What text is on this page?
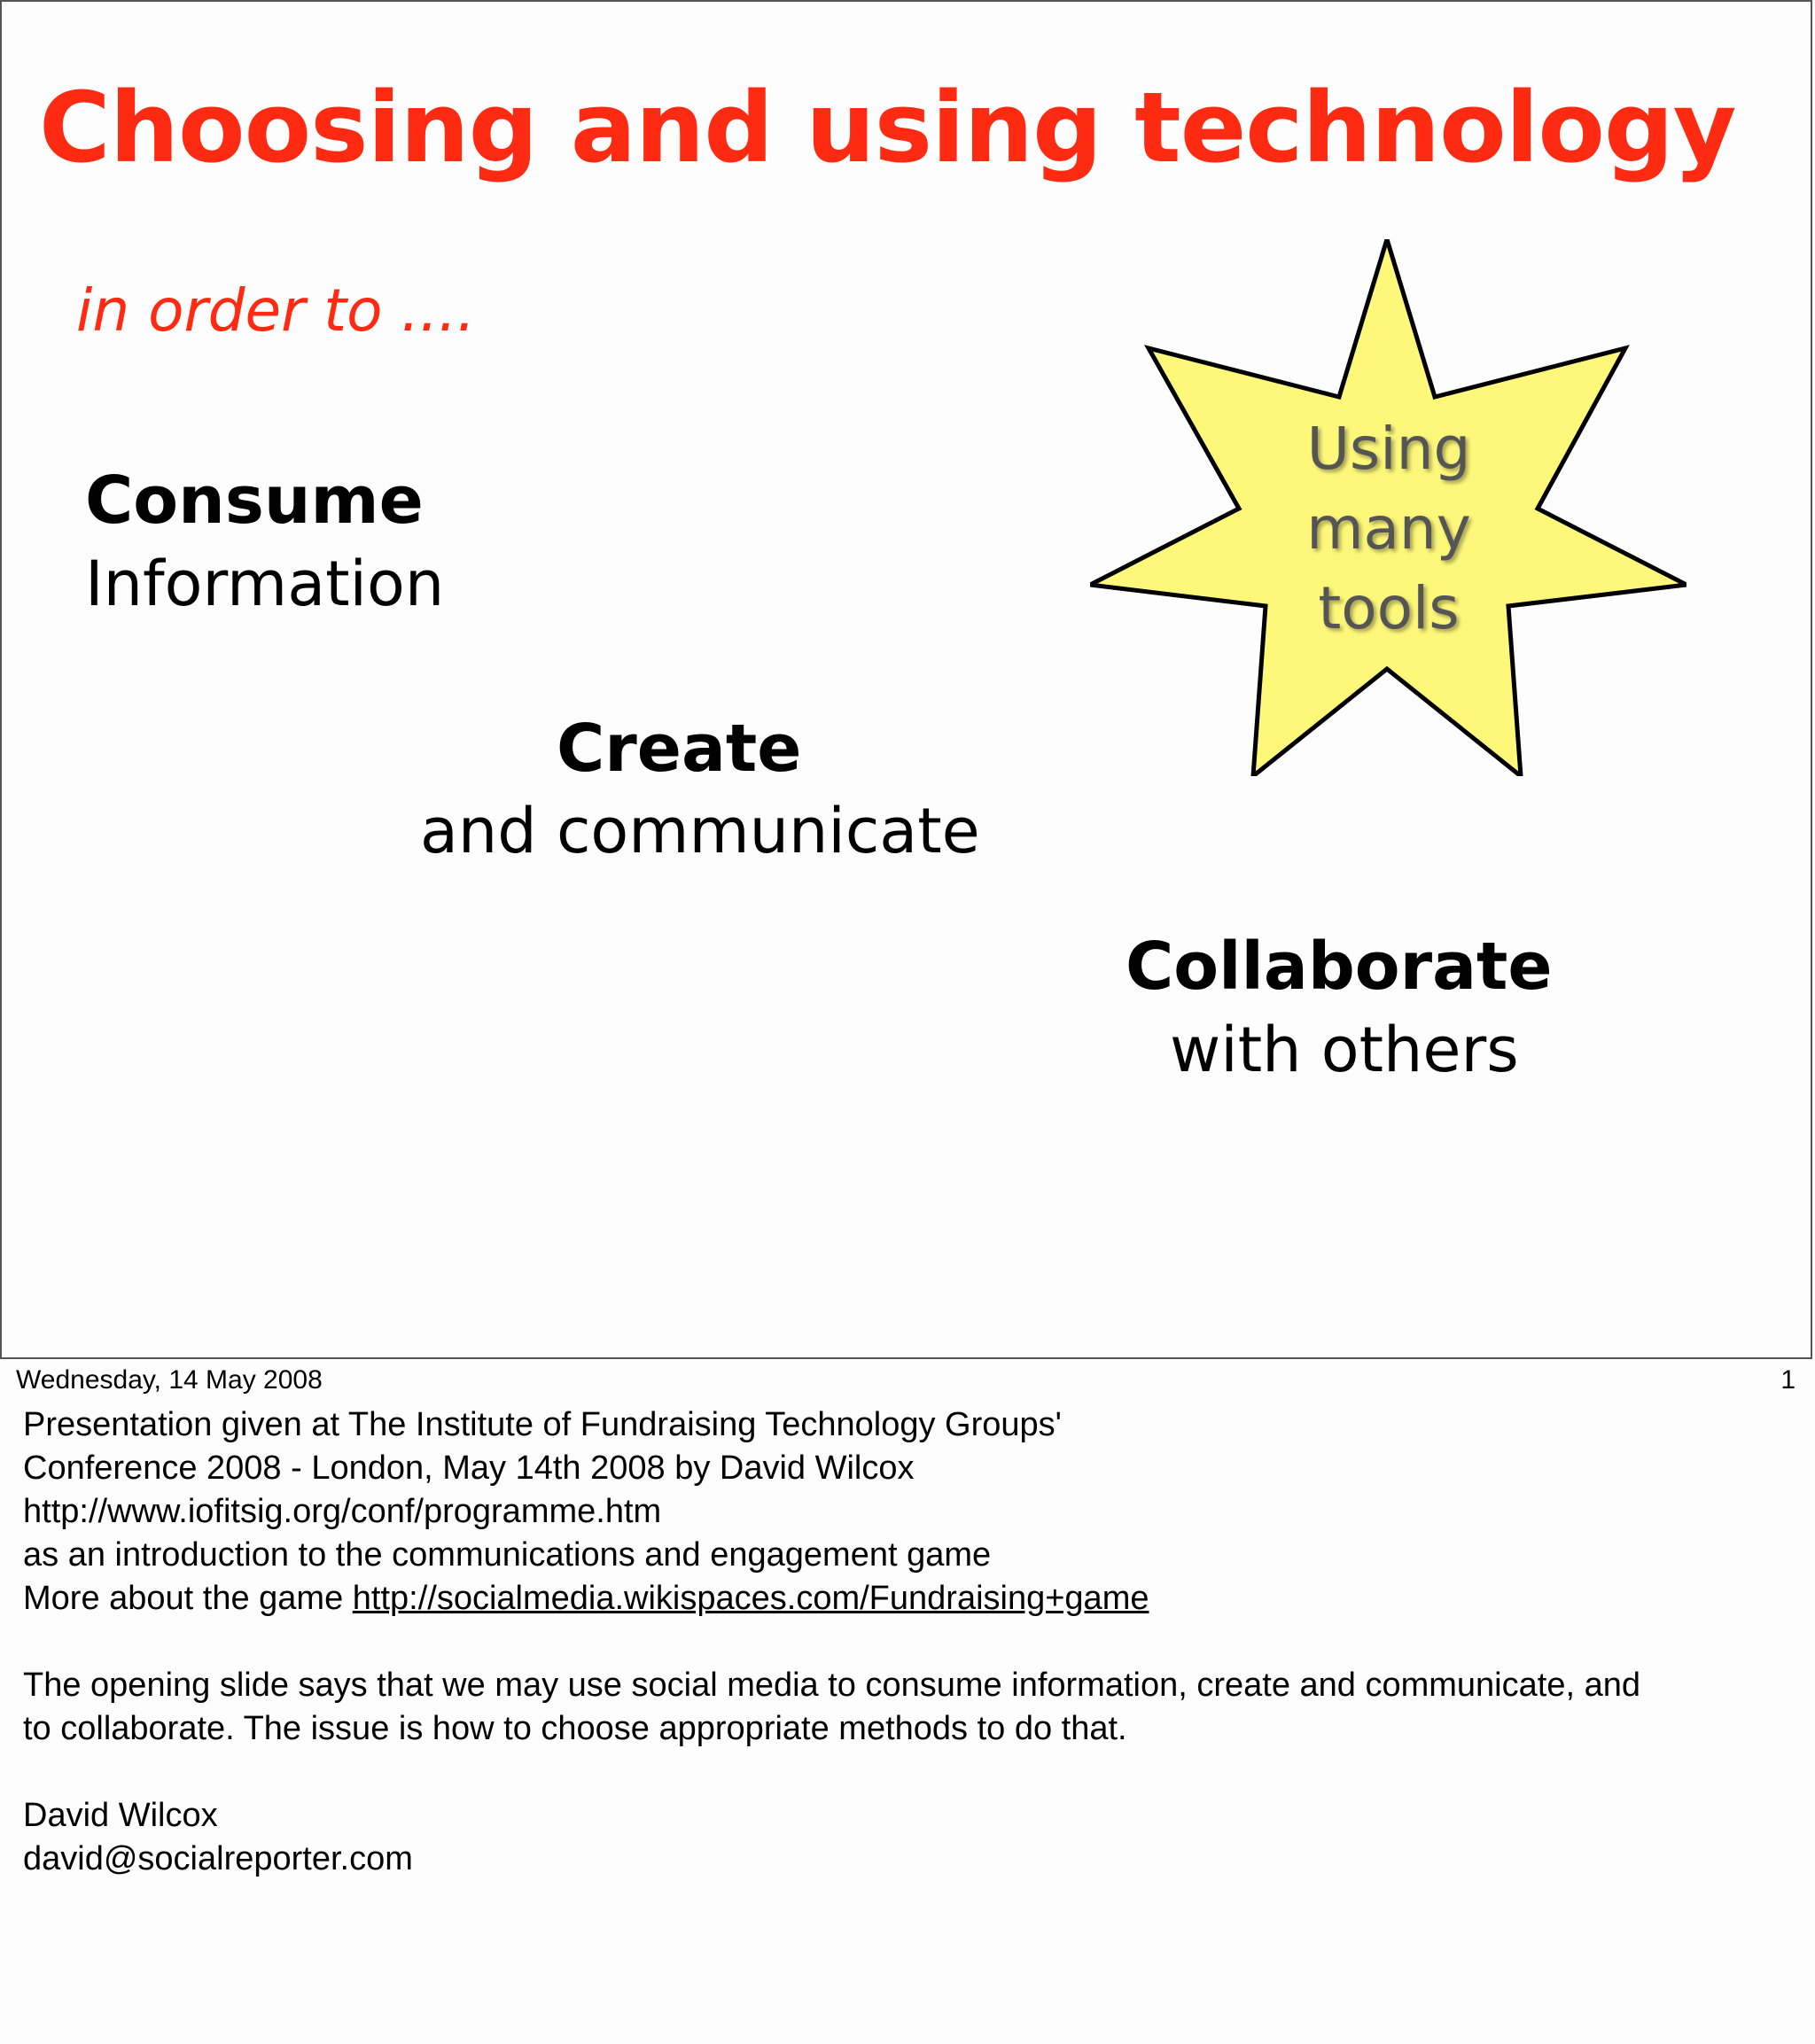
Choosing and using technology
in order to ....
Consume
Information
Create
and communicate
Collaborate
with others
Using
many
tools
Wednesday, 14 May 2008	1

Presentation given at The Institute of Fundraising Technology Groups'

Conference 2008 - London, May 14th 2008 by David Wilcox

http://www.iofitsig.org/conf/programme.htm

as an introduction to the communications and engagement game

More about the game http://socialmedia.wikispaces.com/Fundraising+game

The opening slide says that we may use social media to consume information, create and communicate, and

to collaborate. The issue is how to choose appropriate methods to do that.

David Wilcox

david@socialreporter.com
